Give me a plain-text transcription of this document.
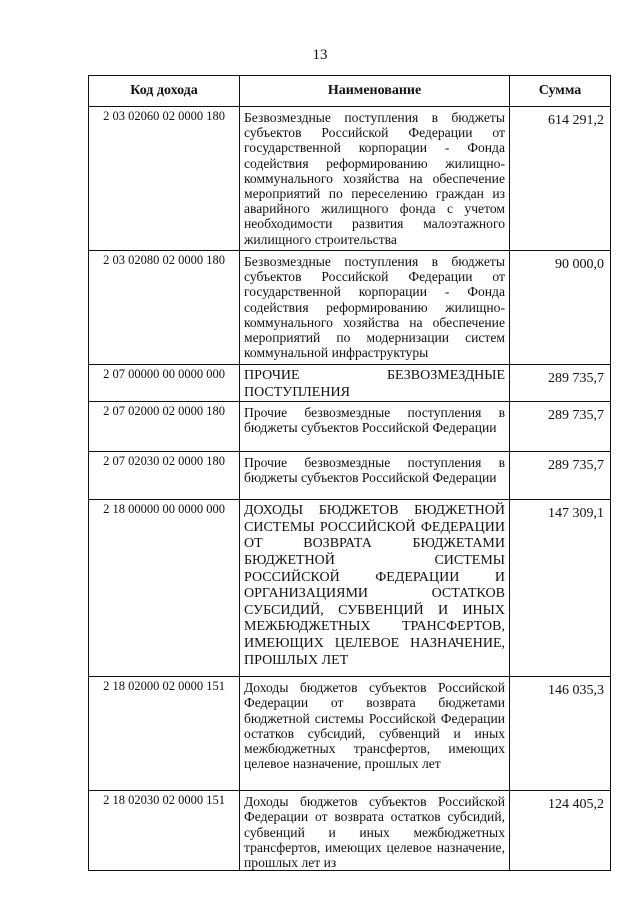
13
Код дохода	Наименование	Сумма
2 03 02060 02 0000 180	Безвозмездные поступления в бюджеты субъектов Российской Федерации от государственной корпорации - Фонда содействия реформированию жилищно-коммунального хозяйства на обеспечение мероприятий по переселению граждан из аварийного жилищного фонда с учетом необходимости развития малоэтажного жилищного строительства	614 291,2
2 03 02080 02 0000 180	Безвозмездные поступления в бюджеты субъектов Российской Федерации от государственной корпорации - Фонда содействия реформированию жилищно-коммунального хозяйства на обеспечение мероприятий по модернизации систем коммунальной инфраструктуры	90 000,0
2 07 00000 00 0000 000	ПРОЧИЕ БЕЗВОЗМЕЗДНЫЕ ПОСТУПЛЕНИЯ	289 735,7
2 07 02000 02 0000 180	Прочие безвозмездные поступления в бюджеты субъектов Российской Федерации	289 735,7
2 07 02030 02 0000 180	Прочие безвозмездные поступления в бюджеты субъектов Российской Федерации	289 735,7
2 18 00000 00 0000 000	ДОХОДЫ БЮДЖЕТОВ БЮДЖЕТНОЙ СИСТЕМЫ РОССИЙСКОЙ ФЕДЕРАЦИИ ОТ ВОЗВРАТА БЮДЖЕТАМИ БЮДЖЕТНОЙ СИСТЕМЫ РОССИЙСКОЙ ФЕДЕРАЦИИ И ОРГАНИЗАЦИЯМИ ОСТАТКОВ СУБСИДИЙ, СУБВЕНЦИЙ И ИНЫХ МЕЖБЮДЖЕТНЫХ ТРАНСФЕРТОВ, ИМЕЮЩИХ ЦЕЛЕВОЕ НАЗНАЧЕНИЕ, ПРОШЛЫХ ЛЕТ	147 309,1
2 18 02000 02 0000 151	Доходы бюджетов субъектов Российской Федерации от возврата бюджетами бюджетной системы Российской Федерации остатков субсидий, субвенций и иных межбюджетных трансфертов, имеющих целевое назначение, прошлых лет	146 035,3
2 18 02030 02 0000 151	Доходы бюджетов субъектов Российской Федерации от возврата остатков субсидий, субвенций и иных межбюджетных трансфертов, имеющих целевое назначение, прошлых лет из	124 405,2
